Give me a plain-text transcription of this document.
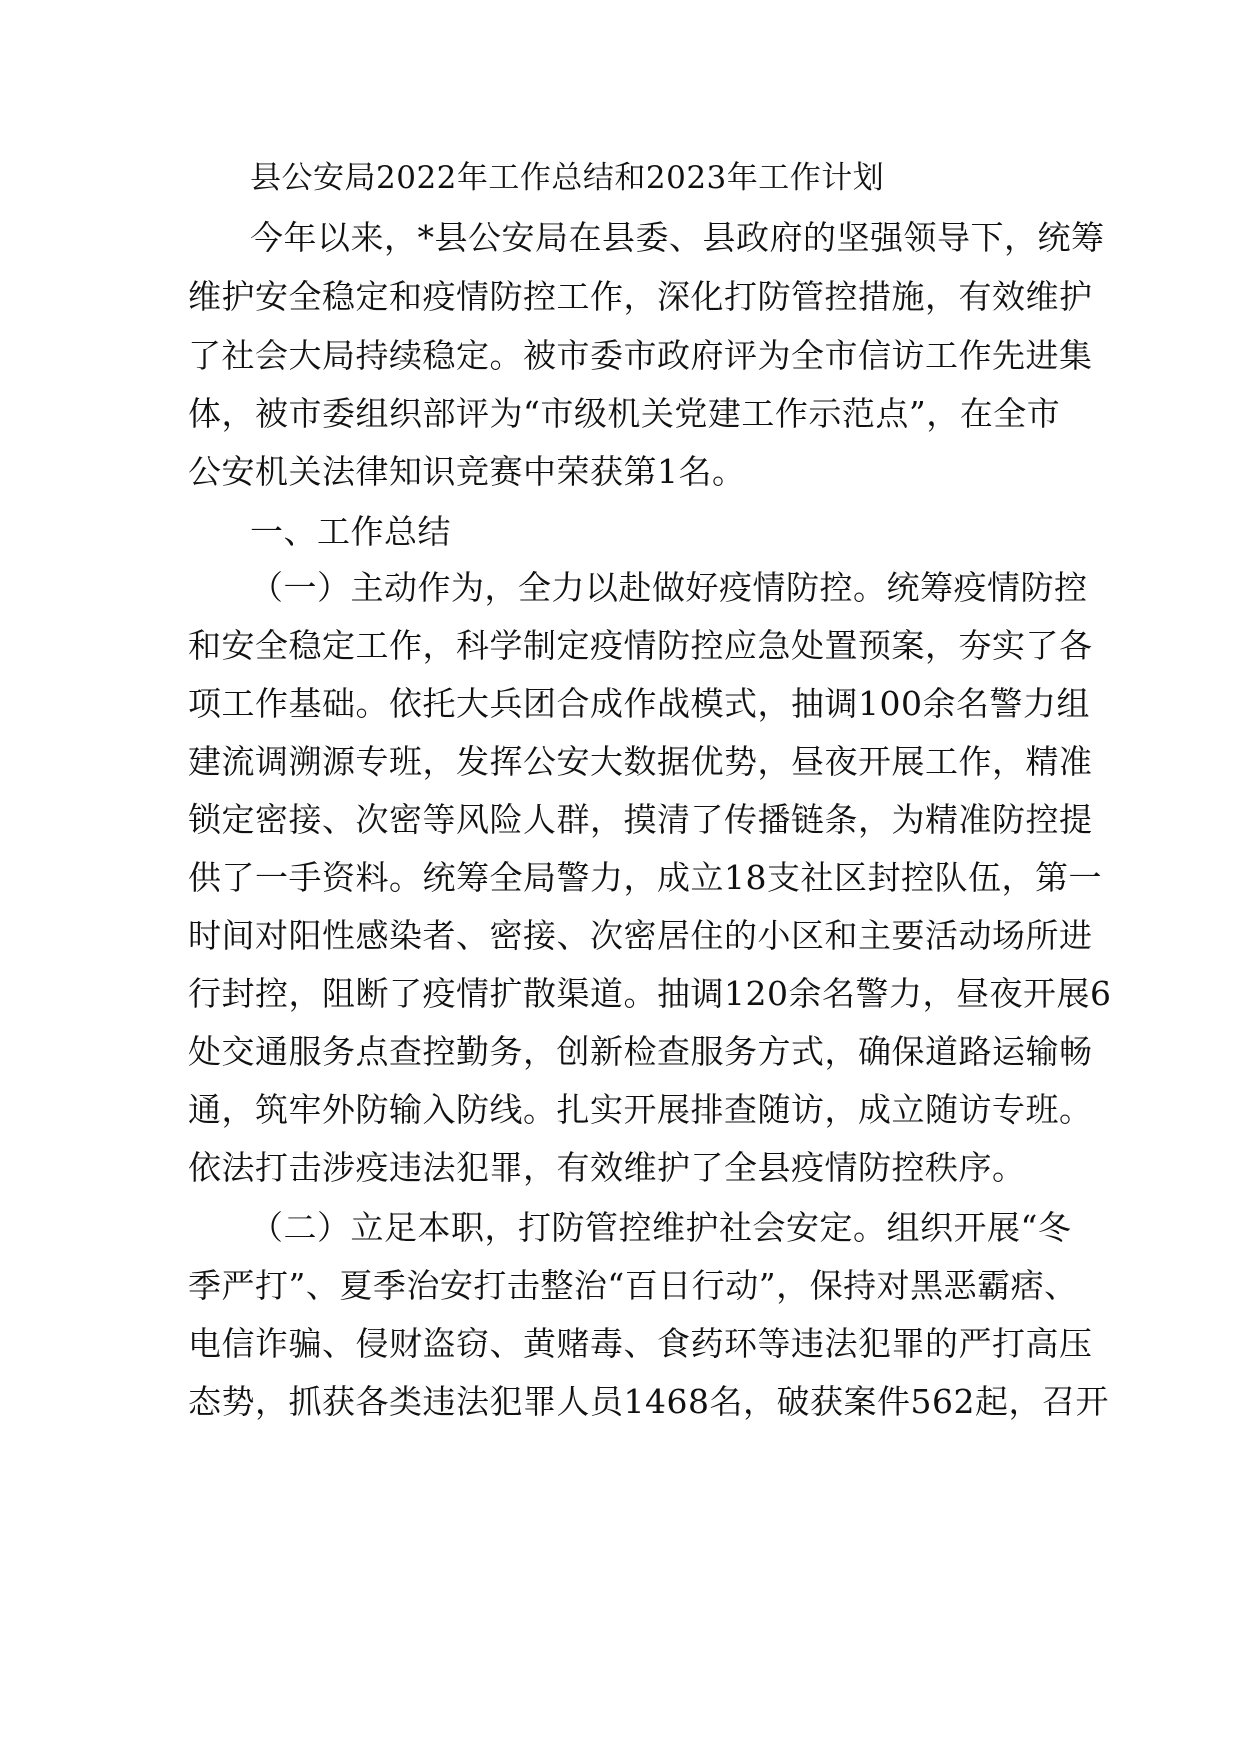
县公安局2022年工作总结和2023年工作计划
今年以来，*县公安局在县委、县政府的坚强领导下，统筹
维护安全稳定和疫情防控工作，深化打防管控措施，有效维护
了社会大局持续稳定。被市委市政府评为全市信访工作先进集
体，被市委组织部评为“市级机关党建工作示范点”，在全市
公安机关法律知识竞赛中荣获第1名。
一、工作总结
（一）主动作为，全力以赴做好疫情防控。统筹疫情防控
和安全稳定工作，科学制定疫情防控应急处置预案，夯实了各
项工作基础。依托大兵团合成作战模式，抽调100余名警力组
建流调溯源专班，发挥公安大数据优势，昼夜开展工作，精准
锁定密接、次密等风险人群，摸清了传播链条，为精准防控提
供了一手资料。统筹全局警力，成立18支社区封控队伍，第一
时间对阳性感染者、密接、次密居住的小区和主要活动场所进
行封控，阻断了疫情扩散渠道。抽调120余名警力，昼夜开展6
处交通服务点查控勤务，创新检查服务方式，确保道路运输畅
通，筑牢外防输入防线。扎实开展排查随访，成立随访专班。
依法打击涉疫违法犯罪，有效维护了全县疫情防控秩序。
（二）立足本职，打防管控维护社会安定。组织开展“冬
季严打”、夏季治安打击整治“百日行动”，保持对黑恶霸痞、
电信诈骗、侵财盗窃、黄赌毒、食药环等违法犯罪的严打高压
态势，抓获各类违法犯罪人员1468名，破获案件562起，召开
